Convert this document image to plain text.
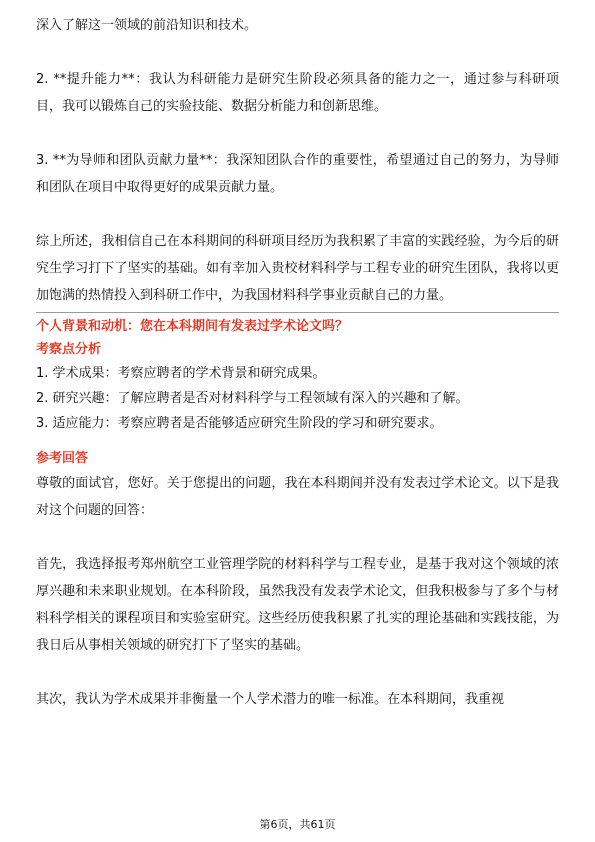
深入了解这一领域的前沿知识和技术。

2. **提升能力**：我认为科研能力是研究生阶段必须具备的能力之一，通过参与科研项目，我可以锻炼自己的实验技能、数据分析能力和创新思维。

3. **为导师和团队贡献力量**：我深知团队合作的重要性，希望通过自己的努力，为导师和团队在项目中取得更好的成果贡献力量。

综上所述，我相信自己在本科期间的科研项目经历为我积累了丰富的实践经验，为今后的研究生学习打下了坚实的基础。如有幸加入贵校材料科学与工程专业的研究生团队，我将以更加饱满的热情投入到科研工作中，为我国材料科学事业贡献自己的力量。

个人背景和动机：您在本科期间有发表过学术论文吗？
考察点分析

1. 学术成果：考察应聘者的学术背景和研究成果。

2. 研究兴趣：了解应聘者是否对材料科学与工程领域有深入的兴趣和了解。

3. 适应能力：考察应聘者是否能够适应研究生阶段的学习和研究要求。

参考回答

尊敬的面试官，您好。关于您提出的问题，我在本科期间并没有发表过学术论文。以下是我对这个问题的回答：

首先，我选择报考郑州航空工业管理学院的材料科学与工程专业，是基于我对这个领域的浓厚兴趣和未来职业规划。在本科阶段，虽然我没有发表学术论文，但我积极参与了多个与材料科学相关的课程项目和实验室研究。这些经历使我积累了扎实的理论基础和实践技能，为我日后从事相关领域的研究打下了坚实的基础。

其次，我认为学术成果并非衡量一个人学术潜力的唯一标准。在本科期间，我重视

第6页，共61页
